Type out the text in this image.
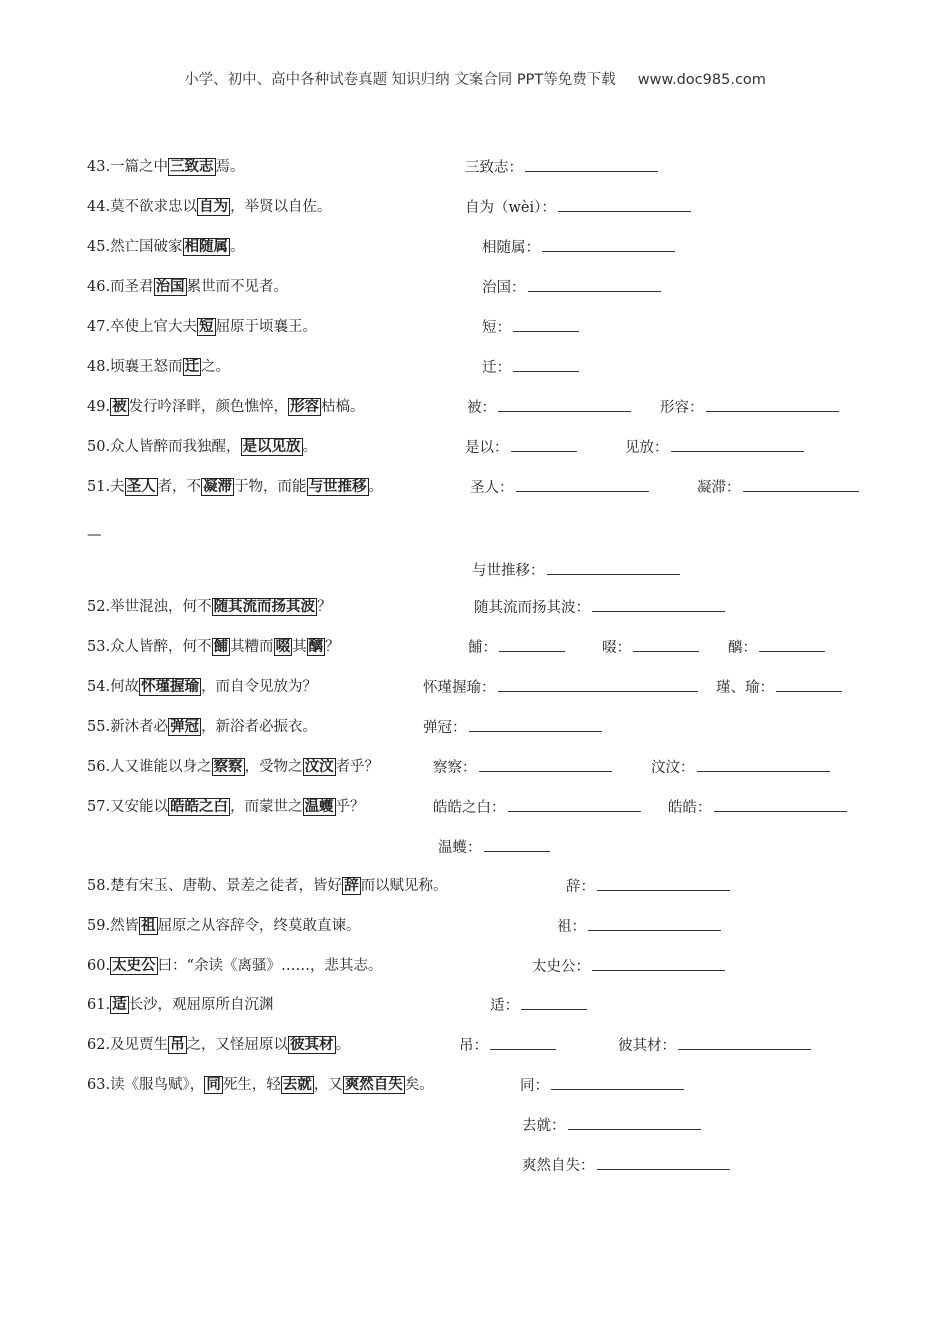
小学、初中、高中各种试卷真题 知识归纳 文案合同 PPT等免费下载 www.doc985.com
43.一篇之中 三致志 焉。	三致志：
44.莫不欲求忠以 自为 ，举贤以自佐。	自为（wèi）：
45.然亡国破家 相随属 。	相随属：
46.而圣君 治国 累世而不见者。	治国：
47.卒使上官大夫 短 屈原于顷襄王。	短：
48.顷襄王怒而 迁 之。	迁：
49. 被 发行吟泽畔，颜色憔悴， 形容 枯槁。	被：	形容：
50.众人皆醉而我独醒， 是以见放 。	是以：	见放：
51.夫 圣人 者，不 凝滞 于物，而能 与世推移 。	圣人：	凝滞：
—
与世推移：
52.举世混浊，何不 随其流而扬其波 ？	随其流而扬其波：
53.众人皆醉，何不 餔 其糟而 啜 其 醨 ？	餔：	啜：	醨：
54.何故 怀瑾握瑜 ，而自令见放为？	怀瑾握瑜：	瑾、瑜：
55.新沐者必 弹冠 ，新浴者必振衣。	弹冠：
56.人又谁能以身之 察察 ，受物之 汶汶 者乎？	察察：	汶汶：
57.又安能以 皓皓之白 ，而蒙世之 温蠖 乎？	皓皓之白：	皓皓：
温蠖：
58.楚有宋玉、唐勒、景差之徒者，皆好 辞 而以赋见称。	辞：
59.然皆 祖 屈原之从容辞令，终莫敢直谏。	祖：
60. 太史公 曰：“余读《离骚》……，悲其志。	太史公：
61. 适 长沙，观屈原所自沉渊	适：
62.及见贾生 吊 之，又怪屈原以 彼其材 。	吊：	彼其材：
63.读《服鸟赋》， 同 死生，轻 去就 ，又 爽然自失 矣。	同：
去就：
爽然自失：
